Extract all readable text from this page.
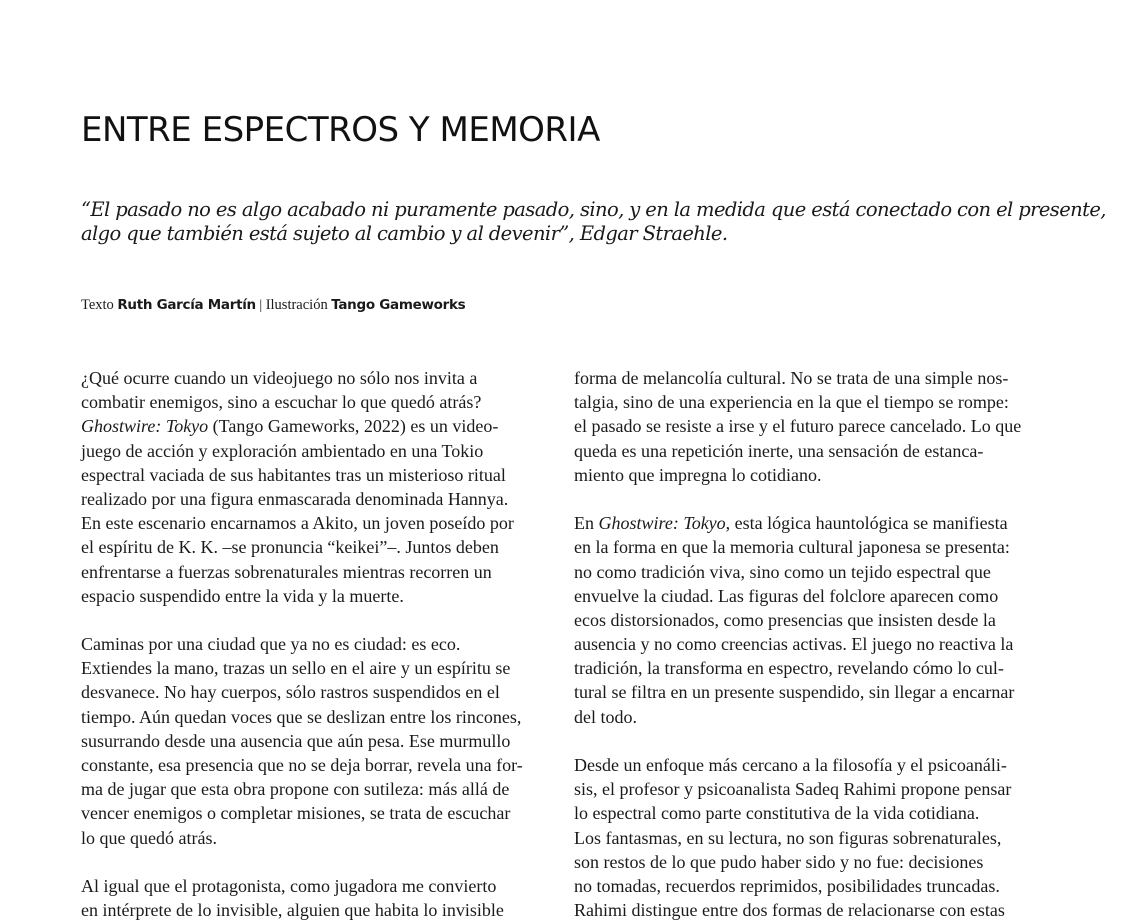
ENTRE ESPECTROS Y MEMORIA
“El pasado no es algo acabado ni puramente pasado, sino, y en la medida que está conectado con el presente,
algo que también está sujeto al cambio y al devenir”, Edgar Straehle.
Texto Ruth García Martín | Ilustración Tango Gameworks
¿Qué ocurre cuando un videojuego no sólo nos invita a
combatir enemigos, sino a escuchar lo que quedó atrás?
Ghostwire: Tokyo (Tango Gameworks, 2022) es un video-
juego de acción y exploración ambientado en una Tokio
espectral vaciada de sus habitantes tras un misterioso ritual
realizado por una figura enmascarada denominada Hannya.
En este escenario encarnamos a Akito, un joven poseído por
el espíritu de K. K. –se pronuncia “keikei”–. Juntos deben
enfrentarse a fuerzas sobrenaturales mientras recorren un
espacio suspendido entre la vida y la muerte.
Caminas por una ciudad que ya no es ciudad: es eco.
Extiendes la mano, trazas un sello en el aire y un espíritu se
desvanece. No hay cuerpos, sólo rastros suspendidos en el
tiempo. Aún quedan voces que se deslizan entre los rincones,
susurrando desde una ausencia que aún pesa. Ese murmullo
constante, esa presencia que no se deja borrar, revela una for-
ma de jugar que esta obra propone con sutileza: más allá de
vencer enemigos o completar misiones, se trata de escuchar
lo que quedó atrás.
Al igual que el protagonista, como jugadora me convierto
en intérprete de lo invisible, alguien que habita lo invisible
forma de melancolía cultural. No se trata de una simple nos-
talgia, sino de una experiencia en la que el tiempo se rompe:
el pasado se resiste a irse y el futuro parece cancelado. Lo que
queda es una repetición inerte, una sensación de estanca-
miento que impregna lo cotidiano.
En Ghostwire: Tokyo, esta lógica hauntológica se manifiesta
en la forma en que la memoria cultural japonesa se presenta:
no como tradición viva, sino como un tejido espectral que
envuelve la ciudad. Las figuras del folclore aparecen como
ecos distorsionados, como presencias que insisten desde la
ausencia y no como creencias activas. El juego no reactiva la
tradición, la transforma en espectro, revelando cómo lo cul-
tural se filtra en un presente suspendido, sin llegar a encarnar
del todo.
Desde un enfoque más cercano a la filosofía y el psicoanáli-
sis, el profesor y psicoanalista Sadeq Rahimi propone pensar
lo espectral como parte constitutiva de la vida cotidiana.
Los fantasmas, en su lectura, no son figuras sobrenaturales,
son restos de lo que pudo haber sido y no fue: decisiones
no tomadas, recuerdos reprimidos, posibilidades truncadas.
Rahimi distingue entre dos formas de relacionarse con estas
